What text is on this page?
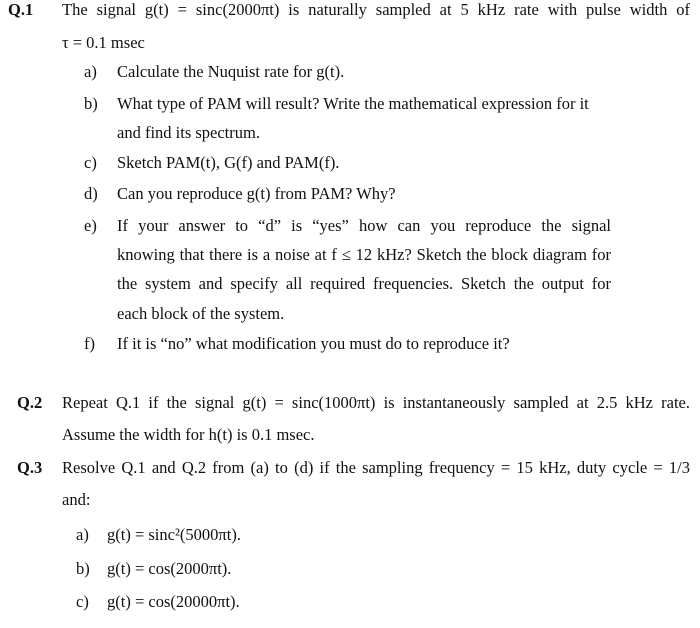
Q.1 The signal g(t) = sinc(2000πt) is naturally sampled at 5 kHz rate with pulse width of
τ = 0.1 msec
a) Calculate the Nuquist rate for g(t).
b) What type of PAM will result? Write the mathematical expression for it
and find its spectrum.
c) Sketch PAM(t), G(f) and PAM(f).
d) Can you reproduce g(t) from PAM? Why?
e) If your answer to “d” is “yes” how can you reproduce the signal
knowing that there is a noise at f ≤ 12 kHz? Sketch the block diagram for
the system and specify all required frequencies. Sketch the output for
each block of the system.
f) If it is “no” what modification you must do to reproduce it?
Q.2 Repeat Q.1 if the signal g(t) = sinc(1000πt) is instantaneously sampled at 2.5 kHz rate.
Assume the width for h(t) is 0.1 msec.
Q.3 Resolve Q.1 and Q.2 from (a) to (d) if the sampling frequency = 15 kHz, duty cycle = 1/3
and:
a) g(t) = sinc²(5000πt).
b) g(t) = cos(2000πt).
c) g(t) = cos(20000πt).
